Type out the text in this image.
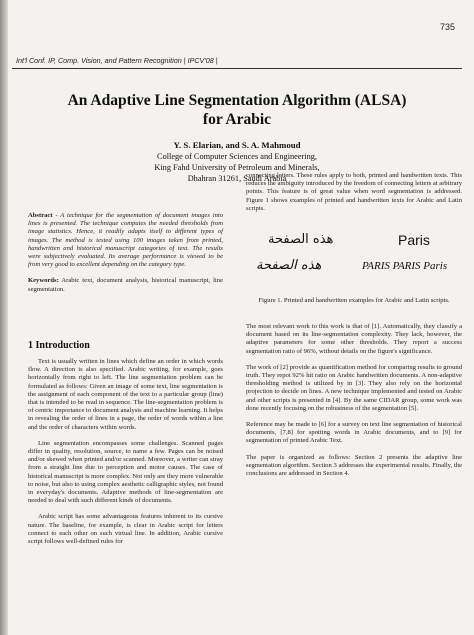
735
Int'l Conf. IP, Comp. Vision, and Pattern Recognition | IPCV'08 |
An Adaptive Line Segmentation Algorithm (ALSA)
for Arabic
Y. S. Elarian, and S. A. Mahmoud
College of Computer Sciences and Engineering,
King Fahd University of Petroleum and Minerals,
Dhahran 31261, Saudi Arabia

Abstract - A technique for the segmentation of document images into lines is presented. The technique computes the needed thresholds from image statistics. Hence, it readily adapts itself to different types of images. The method is tested using 100 images taken from printed, handwritten and historical manuscript categories of text. The results were subjectively evaluated. Its average performance is viewed to be from very good to excellent depending on the category type.

Keywords: Arabic text, document analysis, historical manuscript, line segmentation.

1 Introduction

Text is usually written in lines which define an order in which words flow. A direction is also specified. Arabic writing, for example, goes horizontally from right to left. The line segmentation problem can be formulated as follows: Given an image of some text, line segmentation is the assignment of each component of the text to a particular group (line) that is intended to be read in sequence. The line-segmentation problem is of centric importance to document analysis and machine learning. It helps in revealing the order of lines in a page, the order of words within a line and the order of characters within words.

Line segmentation encompasses some challenges. Scanned pages differ in quality, resolution, source, to name a few. Pages can be noised and/or skewed when printed and/or scanned. Moreover, a writer can stray from a straight line due to perception and motor causes. The case of historical manuscript is more complex. Not only are they more vulnerable to noise, but also to using complex aesthetic calligraphic styles, not found in everyday's documents. Adaptive methods of line-segmentation are needed to deal with such different kinds of documents.

Arabic script has some advantageous features inherent to its cursive nature. The baseline, for example, is clear in Arabic script for letters connect to each other on such virtual line. In addition, Arabic cursive script follows well-defined rules for

connecting letters. These rules apply to both, printed and handwritten texts. This reduces the ambiguity introduced by the freedom of connecting letters at arbitrary points. This feature is of great value when word segmentation is addressed. Figure 1 shows examples of printed and handwritten texts for Arabic and Latin scripts.

هذه الصفحة	Paris
هذه الصفحة	PARIS PARIS Paris
Figure 1. Printed and handwritten examples for Arabic and Latin scripts.

The most relevant work to this work is that of [1]. Automatically, they classify a document based on its line-segmentation complexity. They lack, however, the adaptive parameters for some other thresholds. They report a success segmentation ratio of 96%, without details on the figure's significance.

The work of [2] provide as quantification method for comparing results to ground truth. They repot 92% hit ratio on Arabic handwritten documents. A non-adaptive thresholding method is utilized by in [3]. They also rely on the horizontal projection to decide on lines. A new technique implemented and tested on Arabic and other scripts is presented in [4]. By the same CIDAR group, some work was done recently focusing on the robustness of the segmentation [5].

Reference may be made to [6] for a survey on text line segmentation of historical documents, [7,8] for spotting words in Arabic documents, and to [9] for segmentation of printed Arabic Text.

The paper is organized as follows: Section 2 presents the adaptive line segmentation algorithm. Section 3 addresses the experimental results. Finally, the conclusions are addressed in Section 4.
